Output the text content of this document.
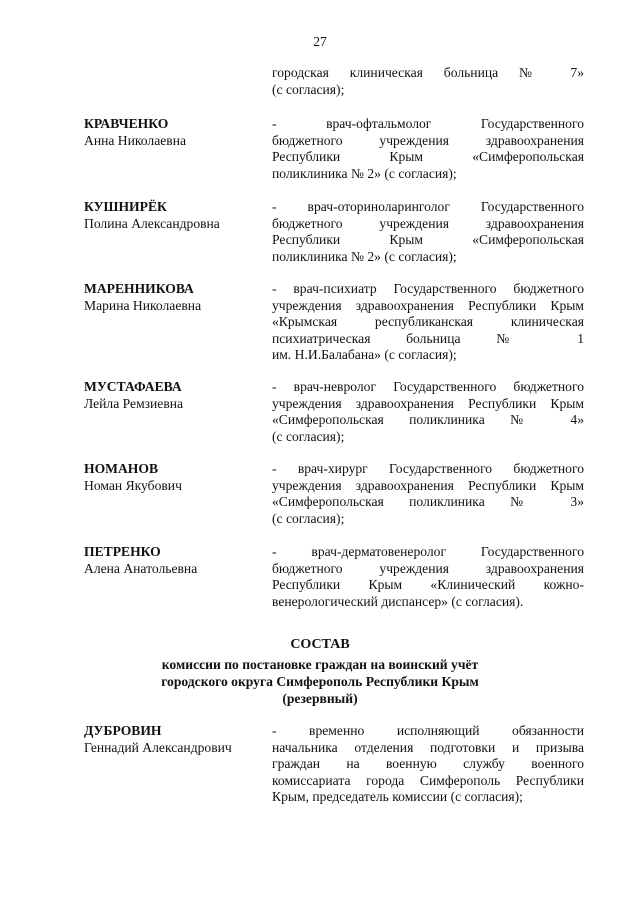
27
городская клиническая больница № 7»
(с согласия);
КРАВЧЕНКО
Анна Николаевна
- врач-офтальмолог Государственного
бюджетного учреждения здравоохранения
Республики Крым «Симферопольская
поликлиника № 2» (с согласия);
КУШНИРЁК
Полина Александровна
- врач-оториноларинголог Государственного
бюджетного учреждения здравоохранения
Республики Крым «Симферопольская
поликлиника № 2» (с согласия);
МАРЕННИКОВА
Марина Николаевна
- врач-психиатр Государственного бюджетного
учреждения здравоохранения Республики Крым
«Крымская республиканская клиническая
психиатрическая больница № 1
им. Н.И.Балабана» (с согласия);
МУСТАФАЕВА
Лейла Ремзиевна
- врач-невролог Государственного бюджетного
учреждения здравоохранения Республики Крым
«Симферопольская поликлиника № 4»
(с согласия);
НОМАНОВ
Номан Якубович
- врач-хирург Государственного бюджетного
учреждения здравоохранения Республики Крым
«Симферопольская поликлиника № 3»
(с согласия);
ПЕТРЕНКО
Алена Анатольевна
- врач-дерматовенеролог Государственного
бюджетного учреждения здравоохранения
Республики Крым «Клинический кожно-
венерологический диспансер» (с согласия).
СОСТАВ
комиссии по постановке граждан на воинский учёт
городского округа Симферополь Республики Крым
(резервный)
ДУБРОВИН
Геннадий Александрович
- временно исполняющий обязанности
начальника отделения подготовки и призыва
граждан на военную службу военного
комиссариата города Симферополь Республики
Крым, председатель комиссии (с согласия);
